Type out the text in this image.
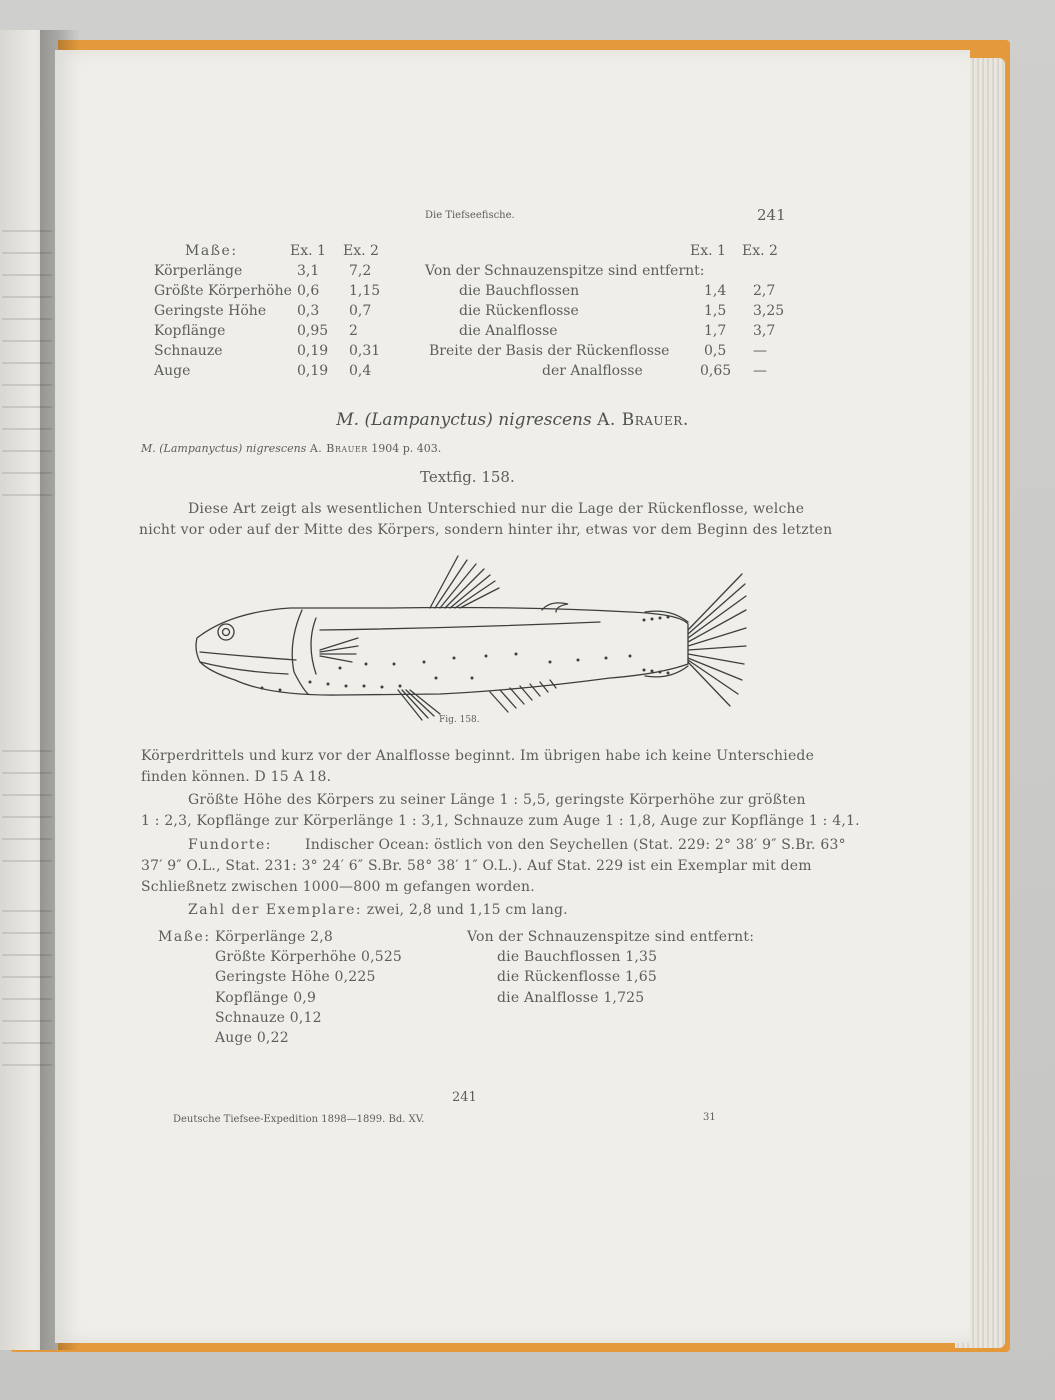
Die Tiefseefische.	241
Maße:	Ex. 1 Ex. 2
Körperlänge	3,1 7,2
Größte Körperhöhe 0,6 1,15
Geringste Höhe 0,3 0,7
Kopflänge	0,95 2
Schnauze	0,19 0,31
Auge	0,19 0,4
Ex. 1 Ex. 2
Von der Schnauzenspitze sind entfernt:
die Bauchflossen	1,4 2,7
die Rückenflosse	1,5 3,25
die Analflosse	1,7 3,7
Breite der Basis der Rückenflosse 0,5 —
der Analflosse	0,65 —
M. (Lampanyctus) nigrescens A. Brauer.
M. (Lampanyctus) nigrescens A. Brauer 1904 p. 403.
Textfig. 158.
Diese Art zeigt als wesentlichen Unterschied nur die Lage der Rückenflosse, welche
nicht vor oder auf der Mitte des Körpers, sondern hinter ihr, etwas vor dem Beginn des letzten
Fig. 158.
Körperdrittels und kurz vor der Analflosse beginnt. Im übrigen habe ich keine Unterschiede
finden können. D 15 A 18.
Größte Höhe des Körpers zu seiner Länge 1 : 5,5, geringste Körperhöhe zur größten
1 : 2,3, Kopflänge zur Körperlänge 1 : 3,1, Schnauze zum Auge 1 : 1,8, Auge zur Kopflänge 1 : 4,1.
Fundorte: Indischer Ocean: östlich von den Seychellen (Stat. 229: 2° 38′ 9″ S.Br. 63°
37′ 9″ O.L., Stat. 231: 3° 24′ 6″ S.Br. 58° 38′ 1″ O.L.). Auf Stat. 229 ist ein Exemplar mit dem
Schließnetz zwischen 1000—800 m gefangen worden.
Zahl der Exemplare: zwei, 2,8 und 1,15 cm lang.
Maße: Körperlänge 2,8
Größte Körperhöhe 0,525
Geringste Höhe 0,225
Kopflänge 0,9
Schnauze 0,12
Auge 0,22
Von der Schnauzenspitze sind entfernt:
die Bauchflossen 1,35
die Rückenflosse 1,65
die Analflosse 1,725
241
Deutsche Tiefsee-Expedition 1898—1899. Bd. XV.	31
